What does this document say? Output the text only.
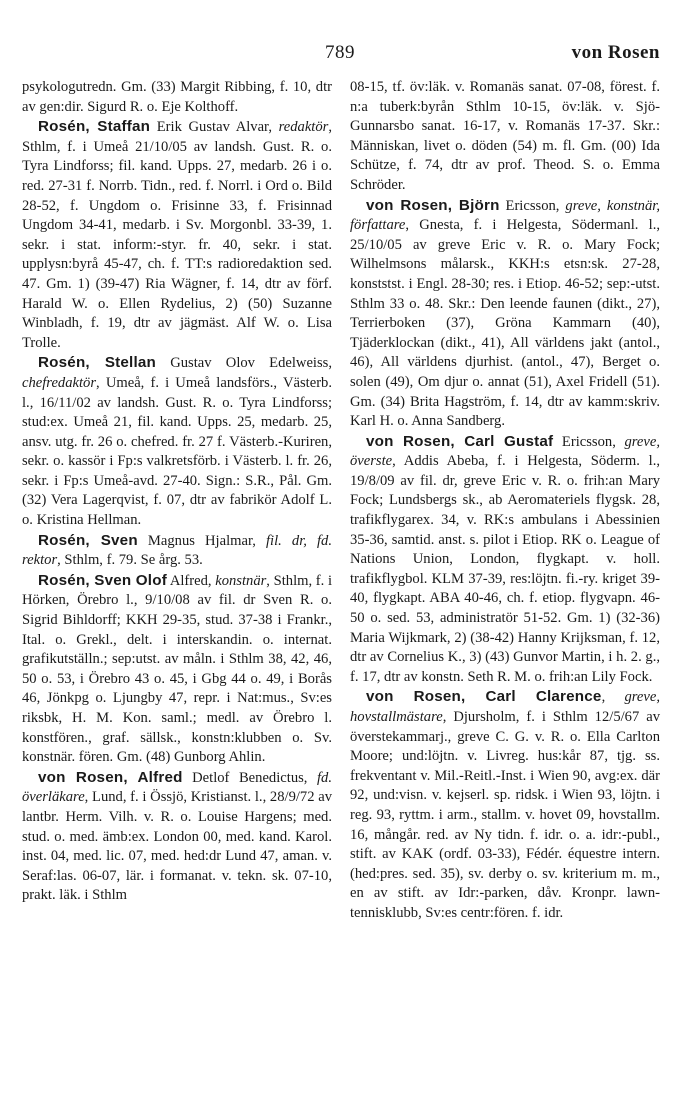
789	von Rosen

psykologutredn. Gm. (33) Margit Ribbing, f. 10, dtr av gen:dir. Sigurd R. o. Eje Kolthoff.

Rosén, Staffan Erik Gustav Alvar, redaktör, Sthlm, f. i Umeå 21/10/05 av landsh. Gust. R. o. Tyra Lindforss; fil. kand. Upps. 27, medarb. 26 i o. red. 27-31 f. Norrb. Tidn., red. f. Norrl. i Ord o. Bild 28-52, f. Ungdom o. Frisinne 33, f. Frisinnad Ungdom 34-41, medarb. i Sv. Morgonbl. 33-39, 1. sekr. i stat. inform:-styr. fr. 40, sekr. i stat. upplysn:byrå 45-47, ch. f. TT:s radioredaktion sed. 47. Gm. 1) (39-47) Ria Wägner, f. 14, dtr av förf. Harald W. o. Ellen Rydelius, 2) (50) Suzanne Winbladh, f. 19, dtr av jägmäst. Alf W. o. Lisa Trolle.

Rosén, Stellan Gustav Olov Edelweiss, chefredaktör, Umeå, f. i Umeå landsförs., Västerb. l., 16/11/02 av landsh. Gust. R. o. Tyra Lindforss; stud:ex. Umeå 21, fil. kand. Upps. 25, medarb. 25, ansv. utg. fr. 26 o. chefred. fr. 27 f. Västerb.-Kuriren, sekr. o. kassör i Fp:s valkretsförb. i Västerb. l. fr. 26, sekr. i Fp:s Umeå-avd. 27-40. Sign.: S.R., Pål. Gm. (32) Vera Lagerqvist, f. 07, dtr av fabrikör Adolf L. o. Kristina Hellman.

Rosén, Sven Magnus Hjalmar, fil. dr, fd. rektor, Sthlm, f. 79. Se årg. 53.

Rosén, Sven Olof Alfred, konstnär, Sthlm, f. i Hörken, Örebro l., 9/10/08 av fil. dr Sven R. o. Sigrid Bihldorff; KKH 29-35, stud. 37-38 i Frankr., Ital. o. Grekl., delt. i interskandin. o. internat. grafikutställn.; sep:utst. av måln. i Sthlm 38, 42, 46, 50 o. 53, i Örebro 43 o. 45, i Gbg 44 o. 49, i Borås 46, Jönkpg o. Ljungby 47, repr. i Nat:mus., Sv:es riksbk, H. M. Kon. saml.; medl. av Örebro l. konstfören., graf. sällsk., konstn:klubben o. Sv. konstnär. fören. Gm. (48) Gunborg Ahlin.

von Rosen, Alfred Detlof Benedictus, fd. överläkare, Lund, f. i Össjö, Kristianst. l., 28/9/72 av lantbr. Herm. Vilh. v. R. o. Louise Hargens; med. stud. o. med. ämb:ex. London 00, med. kand. Karol. inst. 04, med. lic. 07, med. hed:dr Lund 47, aman. v. Seraf:las. 06-07, lär. i formanat. v. tekn. sk. 07-10, prakt. läk. i Sthlm

08-15, tf. öv:läk. v. Romanäs sanat. 07-08, förest. f. n:a tuberk:byrån Sthlm 10-15, öv:läk. v. Sjö-Gunnarsbo sanat. 16-17, v. Romanäs 17-37. Skr.: Människan, livet o. döden (54) m. fl. Gm. (00) Ida Schütze, f. 74, dtr av prof. Theod. S. o. Emma Schröder.

von Rosen, Björn Ericsson, greve, konstnär, författare, Gnesta, f. i Helgesta, Södermanl. l., 25/10/05 av greve Eric v. R. o. Mary Fock; Wilhelmsons målarsk., KKH:s etsn:sk. 27-28, konststst. i Engl. 28-30; res. i Etiop. 46-52; sep:-utst. Sthlm 33 o. 48. Skr.: Den leende faunen (dikt., 27), Terrierboken (37), Gröna Kammarn (40), Tjäderklockan (dikt., 41), All världens jakt (antol., 46), All världens djurhist. (antol., 47), Berget o. solen (49), Om djur o. annat (51), Axel Fridell (51). Gm. (34) Brita Hagström, f. 14, dtr av kamm:skriv. Karl H. o. Anna Sandberg.

von Rosen, Carl Gustaf Ericsson, greve, överste, Addis Abeba, f. i Helgesta, Söderm. l., 19/8/09 av fil. dr, greve Eric v. R. o. frih:an Mary Fock; Lundsbergs sk., ab Aeromateriels flygsk. 28, trafikflygarex. 34, v. RK:s ambulans i Abessinien 35-36, samtid. anst. s. pilot i Etiop. RK o. League of Nations Union, London, flygkapt. v. holl. trafikflygbol. KLM 37-39, res:löjtn. fi.-ry. kriget 39-40, flygkapt. ABA 40-46, ch. f. etiop. flygvapn. 46-50 o. sed. 53, administratör 51-52. Gm. 1) (32-36) Maria Wijkmark, 2) (38-42) Hanny Krijksman, f. 12, dtr av Cornelius K., 3) (43) Gunvor Martin, i h. 2. g., f. 17, dtr av konstn. Seth R. M. o. frih:an Lily Fock.

von Rosen, Carl Clarence, greve, hovstallmästare, Djursholm, f. i Sthlm 12/5/67 av överstekammarj., greve C. G. v. R. o. Ella Carlton Moore; und:löjtn. v. Livreg. hus:kår 87, tjg. ss. frekventant v. Mil.-Reitl.-Inst. i Wien 90, avg:ex. där 92, und:visn. v. kejserl. sp. ridsk. i Wien 93, löjtn. i reg. 93, ryttm. i arm., stallm. v. hovet 09, hovstallm. 16, mångår. red. av Ny tidn. f. idr. o. a. idr:-publ., stift. av KAK (ordf. 03-33), Fédér. équestre intern. (hed:pres. sed. 35), sv. derby o. sv. kriterium m. m., en av stift. av Idr:-parken, dåv. Kronpr. lawn-tennisklubb, Sv:es centr:fören. f. idr.
